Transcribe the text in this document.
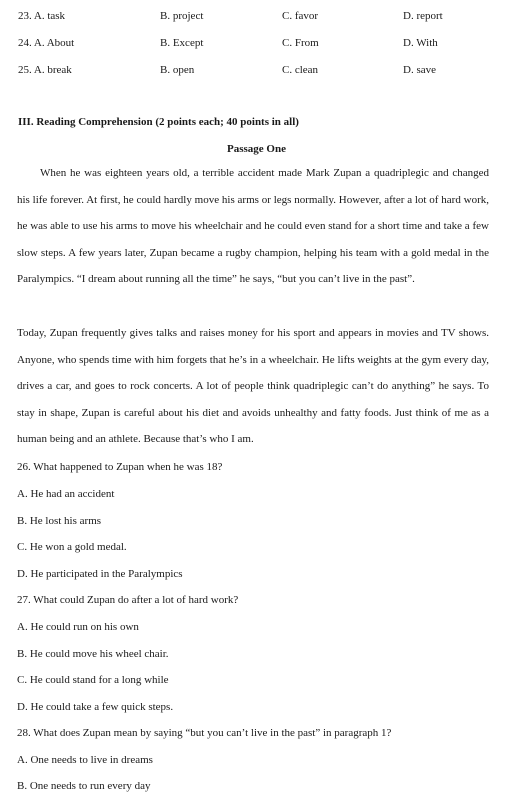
23. A. task	B. project	C. favor	D. report
24. A. About	B. Except	C. From	D. With
25. A. break	B. open	C. clean	D. save
III. Reading Comprehension (2 points each; 40 points in all)
Passage One

When he was eighteen years old, a terrible accident made Mark Zupan a quadriplegic and changed his life forever. At first, he could hardly move his arms or legs normally. However, after a lot of hard work, he was able to use his arms to move his wheelchair and he could even stand for a short time and take a few slow steps. A few years later, Zupan became a rugby champion, helping his team with a gold medal in the Paralympics. “I dream about running all the time” he says, “but you can’t live in the past”.

Today, Zupan frequently gives talks and raises money for his sport and appears in movies and TV shows. Anyone, who spends time with him forgets that he’s in a wheelchair. He lifts weights at the gym every day, drives a car, and goes to rock concerts. A lot of people think quadriplegic can’t do anything” he says. To stay in shape, Zupan is careful about his diet and avoids unhealthy and fatty foods. Just think of me as a human being and an athlete. Because that’s who I am.

26. What happened to Zupan when he was 18?
A. He had an accident
B. He lost his arms
C. He won a gold medal.
D. He participated in the Paralympics
27. What could Zupan do after a lot of hard work?
A. He could run on his own
B. He could move his wheel chair.
C. He could stand for a long while
D. He could take a few quick steps.
28. What does Zupan mean by saying “but you can’t live in the past” in paragraph 1?
A. One needs to live in dreams
B. One needs to run every day
